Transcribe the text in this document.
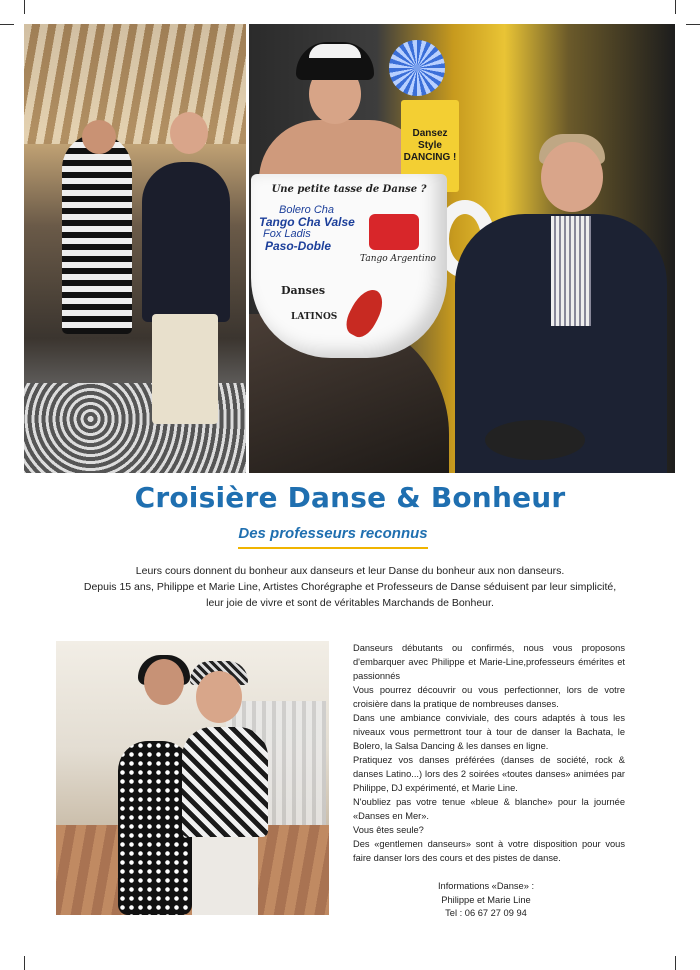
Dansez
Style
DANCING !
Une petite tasse de Danse ?
Bolero Cha
Tango Cha Valse
Fox Ladis
Paso-Doble
Tango Argentino
Danses
LATINOS
Croisière Danse & Bonheur
Des professeurs reconnus

Leurs cours donnent du bonheur aux danseurs et leur Danse du bonheur aux non danseurs.

Depuis 15 ans, Philippe et Marie Line, Artistes Chorégraphe et Professeurs de Danse séduisent par leur simplicité,

leur joie de vivre et sont de véritables Marchands de Bonheur.

Danseurs débutants ou confirmés, nous vous proposons d'embarquer avec Philippe et Marie-Line,professeurs émérites et passionnés

Vous pourrez découvrir ou vous perfectionner, lors de votre croisière dans la pratique de nombreuses danses.

Dans une ambiance conviviale, des cours adaptés à tous les niveaux vous permettront tour à tour de danser la Bachata, le Bolero, la Salsa Dancing & les danses en ligne.

Pratiquez vos danses préférées (danses de société, rock & danses Latino...) lors des 2 soirées «toutes danses» animées par Philippe, DJ expérimenté, et Marie Line.

N'oubliez pas votre tenue «bleue & blanche» pour la journée «Danses en Mer».

Vous êtes seule?

Des «gentlemen danseurs» sont à votre disposition pour vous faire danser lors des cours et des pistes de danse.

Informations «Danse» :

Philippe et Marie Line

Tel : 06 67 27 09 94
